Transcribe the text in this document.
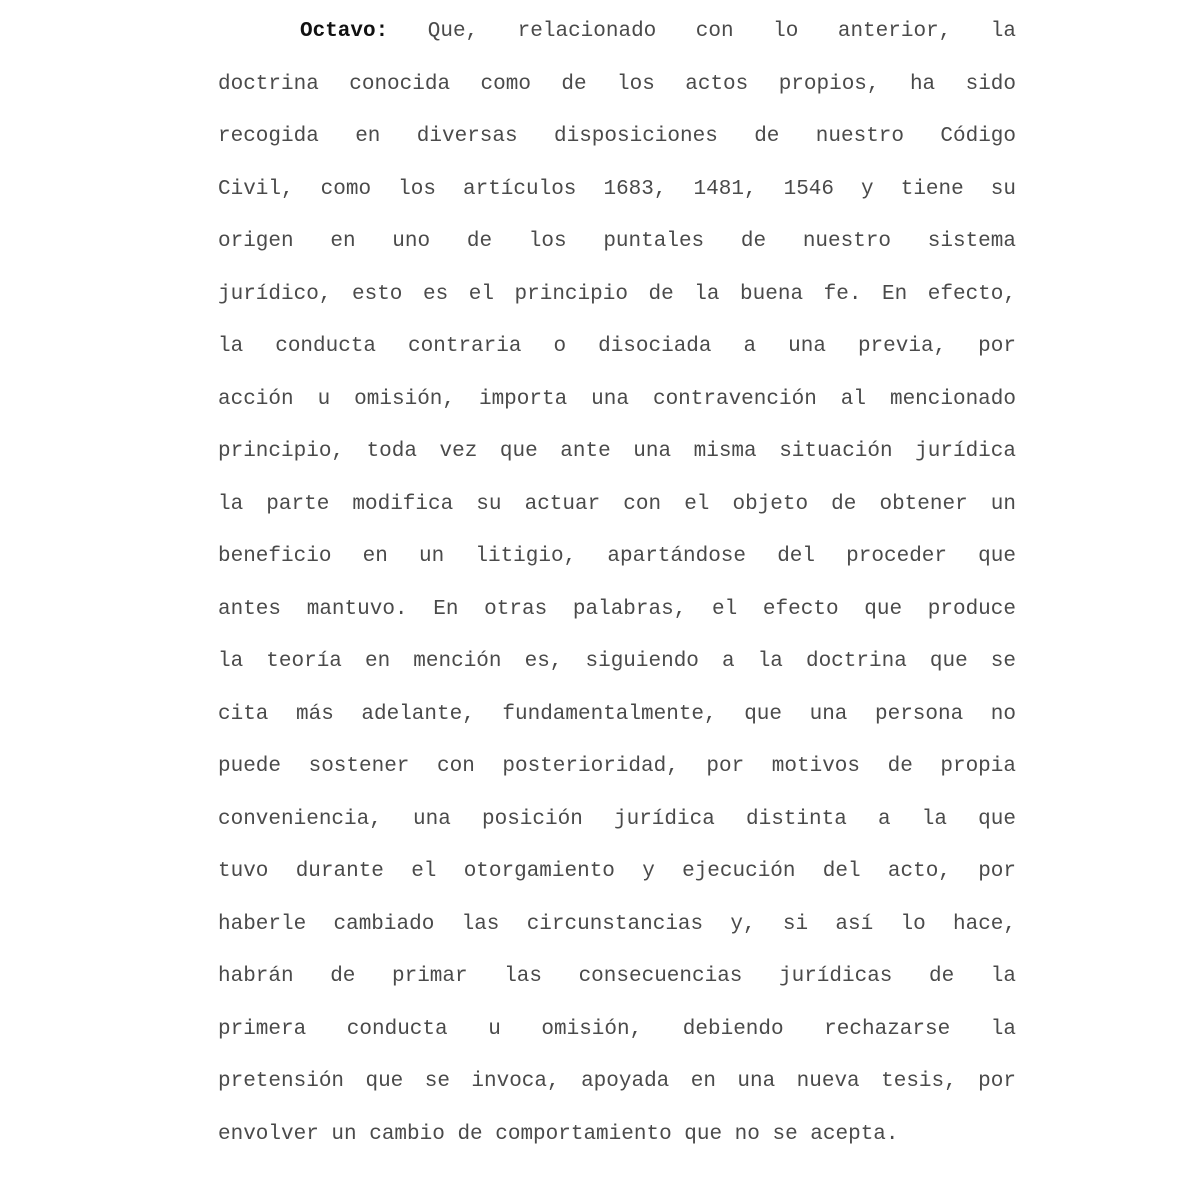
Octavo: Que, relacionado con lo anterior, la
doctrina conocida como de los actos propios, ha sido
recogida en diversas disposiciones de nuestro Código
Civil, como los artículos 1683, 1481, 1546 y tiene su
origen en uno de los puntales de nuestro sistema
jurídico, esto es el principio de la buena fe. En efecto,
la conducta contraria o disociada a una previa, por
acción u omisión, importa una contravención al mencionado
principio, toda vez que ante una misma situación jurídica
la parte modifica su actuar con el objeto de obtener un
beneficio en un litigio, apartándose del proceder que
antes mantuvo. En otras palabras, el efecto que produce
la teoría en mención es, siguiendo a la doctrina que se
cita más adelante, fundamentalmente, que una persona no
puede sostener con posterioridad, por motivos de propia
conveniencia, una posición jurídica distinta a la que
tuvo durante el otorgamiento y ejecución del acto, por
haberle cambiado las circunstancias y, si así lo hace,
habrán de primar las consecuencias jurídicas de la
primera conducta u omisión, debiendo rechazarse la
pretensión que se invoca, apoyada en una nueva tesis, por
envolver un cambio de comportamiento que no se acepta.
